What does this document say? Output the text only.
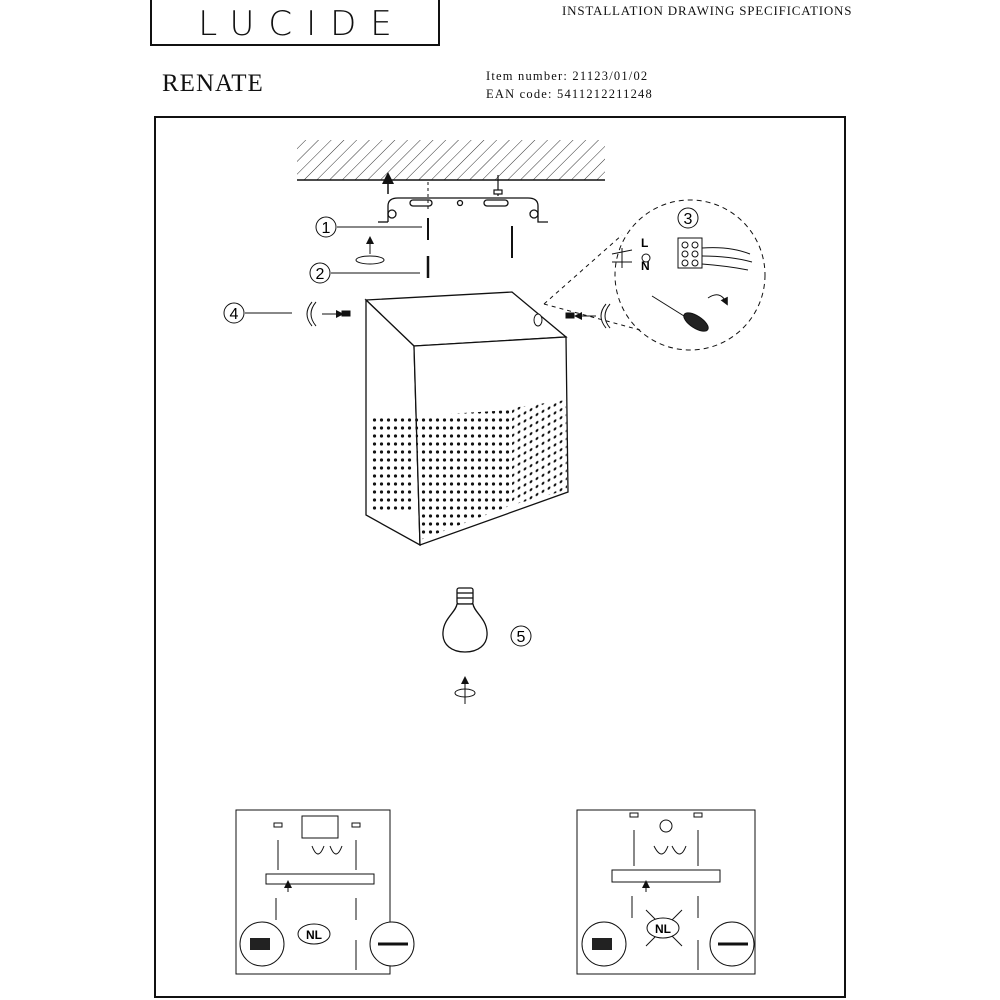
LUCIDE	INSTALLATION DRAWING SPECIFICATIONS
RENATE	Item number: 21123/01/02
EAN code: 5411212211248
1
2
4
3
L
N
5
NL	NL
